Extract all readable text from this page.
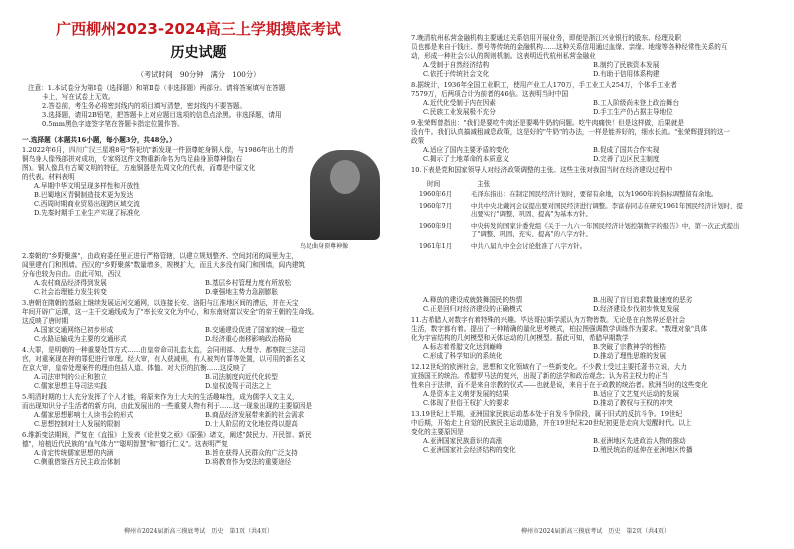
广西柳州2023-2024高三上学期摸底考试
历史试题
（考试时间　90分钟　满分　100分）

注意：1.本试卷分为第Ⅰ卷（选择题）和第Ⅱ卷（非选择题）两部分。请将答案填写在答题

卡上，写在试卷上无效。

2.答卷前，考生务必将密封线内的项目填写清楚，密封线内不要答题。

3.选择题，请用2B铅笔，把答题卡上对应题目选项的信息点涂黑。非选择题，请用

0.5mm黑色字迹签字笔在答题卡指定位置作答。

一.选择题（本题共16小题，每小题3分，共48分。）

1.2022年6月，四川广汉三星堆8号"祭祀坑"新发现一件顶尊蛇身铜人像，与1986年出土的青

铜鸟身人像残部拼对成功，专家将这件文物重新命名为鸟足曲身顶尊神像(右

图)。铜人像具有古蜀文明的特征，方座铜器是先周文化的代表，而尊是中原文化

的代表。材料表明

A.早期中华文明呈现多样性和开放性

B.巴蜀地区青铜制造技术更为发达

C.西周时期商业贸易出现跨区域交流

D.先秦时期手工业生产实现了标准化

鸟足曲身顶尊神像

2.秦朝的"乡野聚落"，由政府委任里正进行严格管辖，以建立规划整齐、空间封闭的闾里为主，

闾里建有门和围墙。西汉的"乡野聚落"数量增多，规模扩大，而且大多没有闾门和围墙，闾内建筑

分布也较为自由。由此可知，西汉

A.农村商品经济得到发展	B.基层乡村管理力度有所放松

C.社会治理能力发生转变	D.豪强地主势力急剧膨胀

3.唐朝在隋朝的基础上继续发展运河交通网，以连接长安、洛阳与江淮地区间的漕运，并在天宝

年间开辟广运潭，这一主干交通线成为了"率长安文化为中心，和东南财富以安全"的帝王朝的生命线。

这反映了唐时期

A.国家交通网络已初步形成	B.交通建设促进了国家的统一稳定

C.水路运输成为主要的交通形式	D.经济重心南移影响政治格局

4.大罪，是明朝的一种重要处罚方式……由皇帝命司礼监太监，会同刑部、大理寺、都察院三法司

官，对重案现在押的罪犯进行审理。经大审，有人获减刑，有人被判有罪等处置，以可用的新名义

在京大审，皇帝处理案件的理由包括人道、体恤、对大臣的抗衡……这反映了

A.司法审判的公正和独立	B.司法制度向近代化转型

C.儒家思想主导司法实践	D.皇权凌驾于司法之上

5.明清时期的士人充分发挥了个人才能，将原来作为士大夫的生活趣味性，成为儒学人文主义，

而出现知识分子生活者的新方向，由此发展出的一些重要人物有利于……这一现象出现的主要原因是

A.儒家思想影响士人读书会的形式	B.商品经济发展带来新的社会需求

C.思想控制对士人发展的限制	D.士人阶层的文化地位得以提高

6.维新变法期间，严复在《直报》上发表《论世变之亟》《原强》诸文，阐述"鼓民力、开民智、新民

德"，培植近代民族的"血气体力""聪明智慧"和"德行仁义"。这表明严复

A.肯定传统儒家思想的内涵	B.旨在获得人民群众的广泛支持

C.侧重借鉴西方民主政治体制	D.将教育作为变法的重要途径

柳州市2024届新高三摸底考试　历史　第1页（共4页）

7.晚清杭州私营金融机构主要通过关系信用开展业务，即便是浙江兴业银行的股东、经理及职

员也都是来自于钱庄、票号等传统的金融机构……这种关系信用通过血缘、亲缘、地缘等各种经常性关系的互

动，形成一种社会公认的规则机制。这表明近代杭州私营金融业

A.受制于自然经济结构	B.制约了民族资本发展

C.依托于传统社会文化	D.有助于信用体系构建

8.据统计，1936年全国工业职工，使用产业工人170万，手工业工人254万，个体手工业者

7579万，后两项合计为前者的46倍。这表明当时中国

A.近代化受制于内在因素	B.工人阶级尚未登上政治舞台

C.民族工业发展极不充分	D.手工生产仍占据主导地位

9.张荣辉曾指出："我们是要吃牛肉还是要喝牛奶的问题。吃牛肉痛快！但是这样做，后果就是

没有牛。我们认真搞减租减息政策，这是好的"牛奶"的办法，一样是能养好的，细水长流。"张荣辉提到的这一

政策

A.适应了国内主要矛盾的变化	B.促成了国共合作实现

C.揭示了土地革命的本质意义	D.完善了边区民主制度

10.下表是党和国家领导人对经济政策调整的主张。这些主张对我国当时在经济建设过程中

时间	主张
1960年6月	毛泽东指出：在制定国民经济计划时，要留有余地，以为1960年的指标调整留有余地。
1960年7月	中共中央北戴河会议提出要对国民经济进行调整。李富春同志在研究1961年国民经济计划时，提出要实行"调整、巩固、提高"为基本方针。
1960年9月	中央转发的国家计委党组《关于一九六一年国民经济计划控制数字的报告》中，第一次正式提出了"调整、巩固、充实、提高"的八字方针。
1961年1月	中共八届九中全会讨论批准了八字方针。

A.释放的建设成就鼓舞国民的热情	B.出现了盲目追求数量速度的恶劣

C.正是回归对经济建设的正确模式	D.经济建设步伐初步恢复发展

11.古希腊人对数字有着特殊的兴趣。毕达哥拉斯学派认为万物皆数。无论是在自然界还是社会

生活，数字都有着。提出了一种精确的量化思考模式，柏拉图强调数学训练作为要求。"数理对象"具体

化为宇宙结构的几何模型和天体运动的几何模型。据此可知，希腊早期数学

A.标志着希腊文化达到巅峰	B.突破了宗教神学的桎梏

C.形成了科学知识的系统化	D.推动了理性思维的发展

12.12世纪的欧洲社会，思想和文化领域有了一些新变化。不少教士受过主要托著书立说，大力

宣扬国王的统治。希腊罗马法的复兴，出现了新的法学和政治观念；认为君主权力的正当

性来自于法律，而不是来自宗教的仪式——也就是说，来自于在于政教的统治者。欧洲当时的这些变化

A.是资本主义萌芽发展的结果	B.适应了文艺复兴运动的发展

C.体现了世俗王权扩大的要求	D.推动了教权与王权的冲突

13.19世纪上半期，亚洲国家民族运动基本处于自发斗争阶段，属于旧式的反抗斗争。19世纪

中后期，开始走上自觉的民族民主运动道路，并在19世纪末20世纪初更是走向大觉醒时代。以上

变化的主要原因是

A.亚洲国家民族意识的高涨	B.亚洲地区先进政治人物的推动

C.亚洲国家社会经济结构的变化	D.殖民统治的延伸在亚洲地区传播

柳州市2024届新高三摸底考试　历史　第2页（共4页）
